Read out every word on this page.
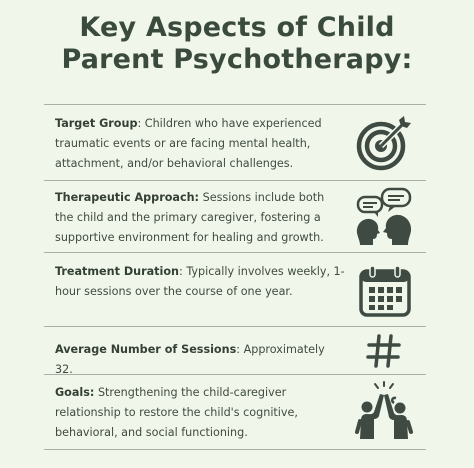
Key Aspects of Child
Parent Psychotherapy:
Target Group: Children who have experienced traumatic events or are facing mental health, attachment, and/or behavioral challenges.
Therapeutic Approach: Sessions include both the child and the primary caregiver, fostering a supportive environment for healing and growth.
Treatment Duration: Typically involves weekly, 1-hour sessions over the course of one year.
Average Number of Sessions: Approximately 32.
Goals: Strengthening the child-caregiver relationship to restore the child's cognitive, behavioral, and social functioning.
